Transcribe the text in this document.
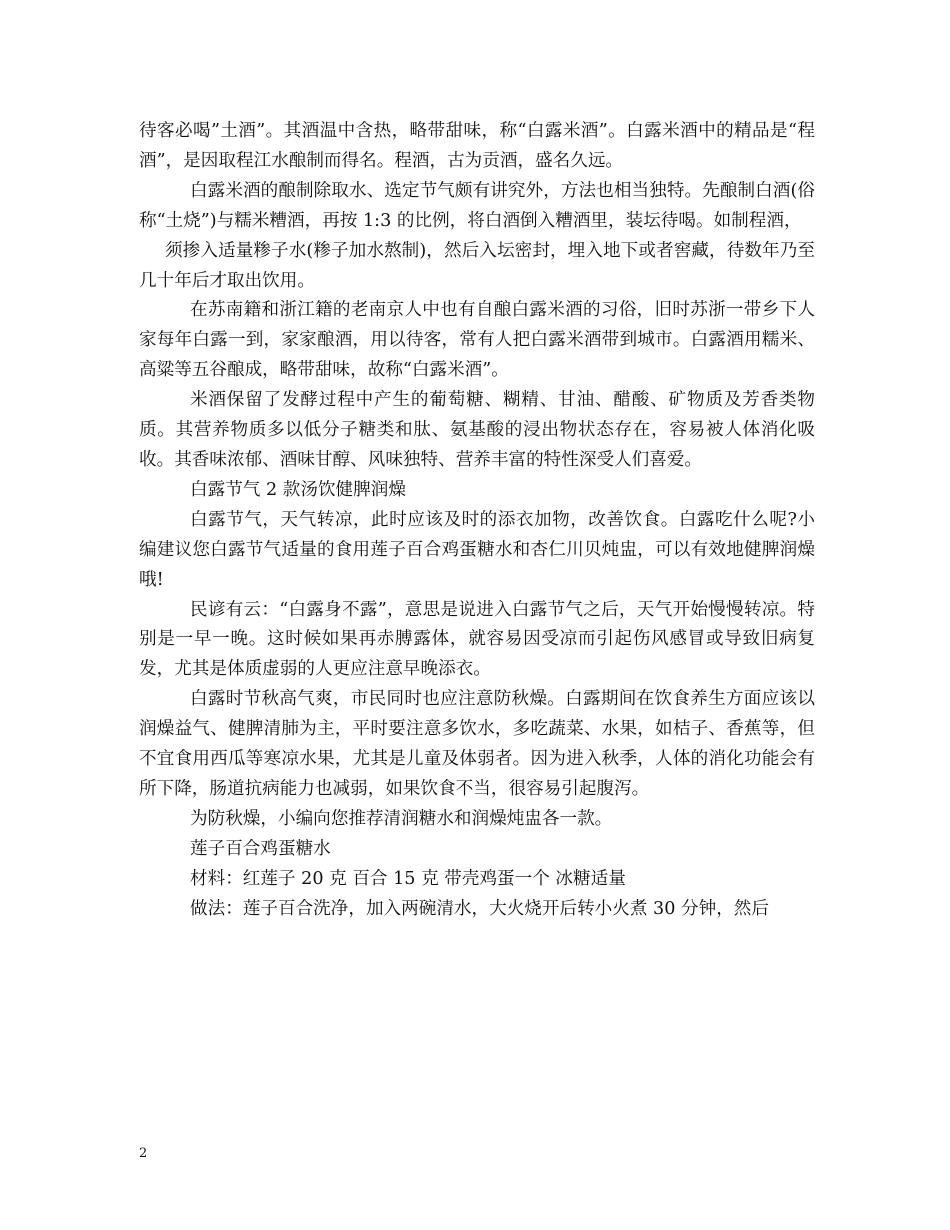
待客必喝”土酒”。其酒温中含热，略带甜味，称“白露米酒”。白露米酒中的精品是“程酒”，是因取程江水酿制而得名。程酒，古为贡酒，盛名久远。

白露米酒的酿制除取水、选定节气颇有讲究外，方法也相当独特。先酿制白酒(俗称“土烧”)与糯米糟酒，再按 1:3 的比例，将白酒倒入糟酒里，装坛待喝。如制程酒，

须掺入适量糁子水(糁子加水熬制)，然后入坛密封，埋入地下或者窖藏，待数年乃至几十年后才取出饮用。

在苏南籍和浙江籍的老南京人中也有自酿白露米酒的习俗，旧时苏浙一带乡下人家每年白露一到，家家酿酒，用以待客，常有人把白露米酒带到城市。白露酒用糯米、高粱等五谷酿成，略带甜味，故称“白露米酒”。

米酒保留了发酵过程中产生的葡萄糖、糊精、甘油、醋酸、矿物质及芳香类物质。其营养物质多以低分子糖类和肽、氨基酸的浸出物状态存在，容易被人体消化吸收。其香味浓郁、酒味甘醇、风味独特、营养丰富的特性深受人们喜爱。

白露节气 2 款汤饮健脾润燥

白露节气，天气转凉，此时应该及时的添衣加物，改善饮食。白露吃什么呢?小编建议您白露节气适量的食用莲子百合鸡蛋糖水和杏仁川贝炖盅，可以有效地健脾润燥哦!

民谚有云：“白露身不露”，意思是说进入白露节气之后，天气开始慢慢转凉。特别是一早一晚。这时候如果再赤膊露体，就容易因受凉而引起伤风感冒或导致旧病复发，尤其是体质虚弱的人更应注意早晚添衣。

白露时节秋高气爽，市民同时也应注意防秋燥。白露期间在饮食养生方面应该以润燥益气、健脾清肺为主，平时要注意多饮水，多吃蔬菜、水果，如桔子、香蕉等，但不宜食用西瓜等寒凉水果，尤其是儿童及体弱者。因为进入秋季，人体的消化功能会有所下降，肠道抗病能力也减弱，如果饮食不当，很容易引起腹泻。

为防秋燥，小编向您推荐清润糖水和润燥炖盅各一款。

莲子百合鸡蛋糖水

材料：红莲子 20 克 百合 15 克 带壳鸡蛋一个 冰糖适量

做法：莲子百合洗净，加入两碗清水，大火烧开后转小火煮 30 分钟，然后

2
